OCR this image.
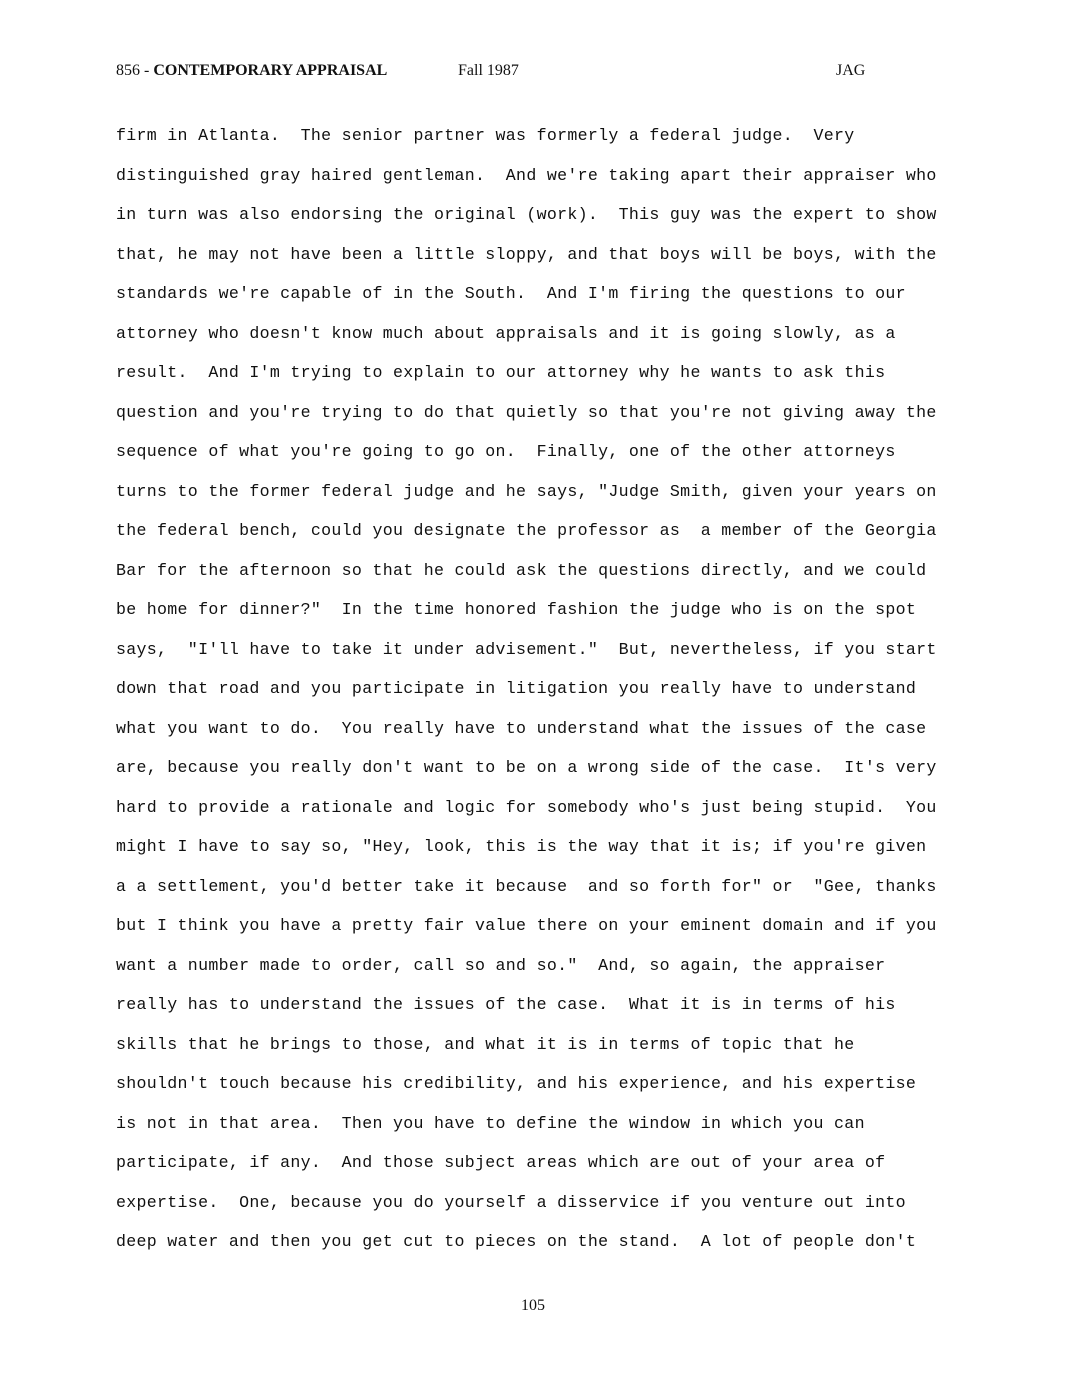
856 - CONTEMPORARY APPRAISAL	Fall 1987	JAG
firm in Atlanta.  The senior partner was formerly a federal judge.  Very
distinguished gray haired gentleman.  And we're taking apart their appraiser who
in turn was also endorsing the original (work).  This guy was the expert to show
that, he may not have been a little sloppy, and that boys will be boys, with the
standards we're capable of in the South.  And I'm firing the questions to our
attorney who doesn't know much about appraisals and it is going slowly, as a
result.  And I'm trying to explain to our attorney why he wants to ask this
question and you're trying to do that quietly so that you're not giving away the
sequence of what you're going to go on.  Finally, one of the other attorneys
turns to the former federal judge and he says, "Judge Smith, given your years on
the federal bench, could you designate the professor as  a member of the Georgia
Bar for the afternoon so that he could ask the questions directly, and we could
be home for dinner?"  In the time honored fashion the judge who is on the spot
says,  "I'll have to take it under advisement."  But, nevertheless, if you start
down that road and you participate in litigation you really have to understand
what you want to do.  You really have to understand what the issues of the case
are, because you really don't want to be on a wrong side of the case.  It's very
hard to provide a rationale and logic for somebody who's just being stupid.  You
might I have to say so, "Hey, look, this is the way that it is; if you're given
a a settlement, you'd better take it because  and so forth for" or  "Gee, thanks
but I think you have a pretty fair value there on your eminent domain and if you
want a number made to order, call so and so."  And, so again, the appraiser
really has to understand the issues of the case.  What it is in terms of his
skills that he brings to those, and what it is in terms of topic that he
shouldn't touch because his credibility, and his experience, and his expertise
is not in that area.  Then you have to define the window in which you can
participate, if any.  And those subject areas which are out of your area of
expertise.  One, because you do yourself a disservice if you venture out into
deep water and then you get cut to pieces on the stand.  A lot of people don't
105
